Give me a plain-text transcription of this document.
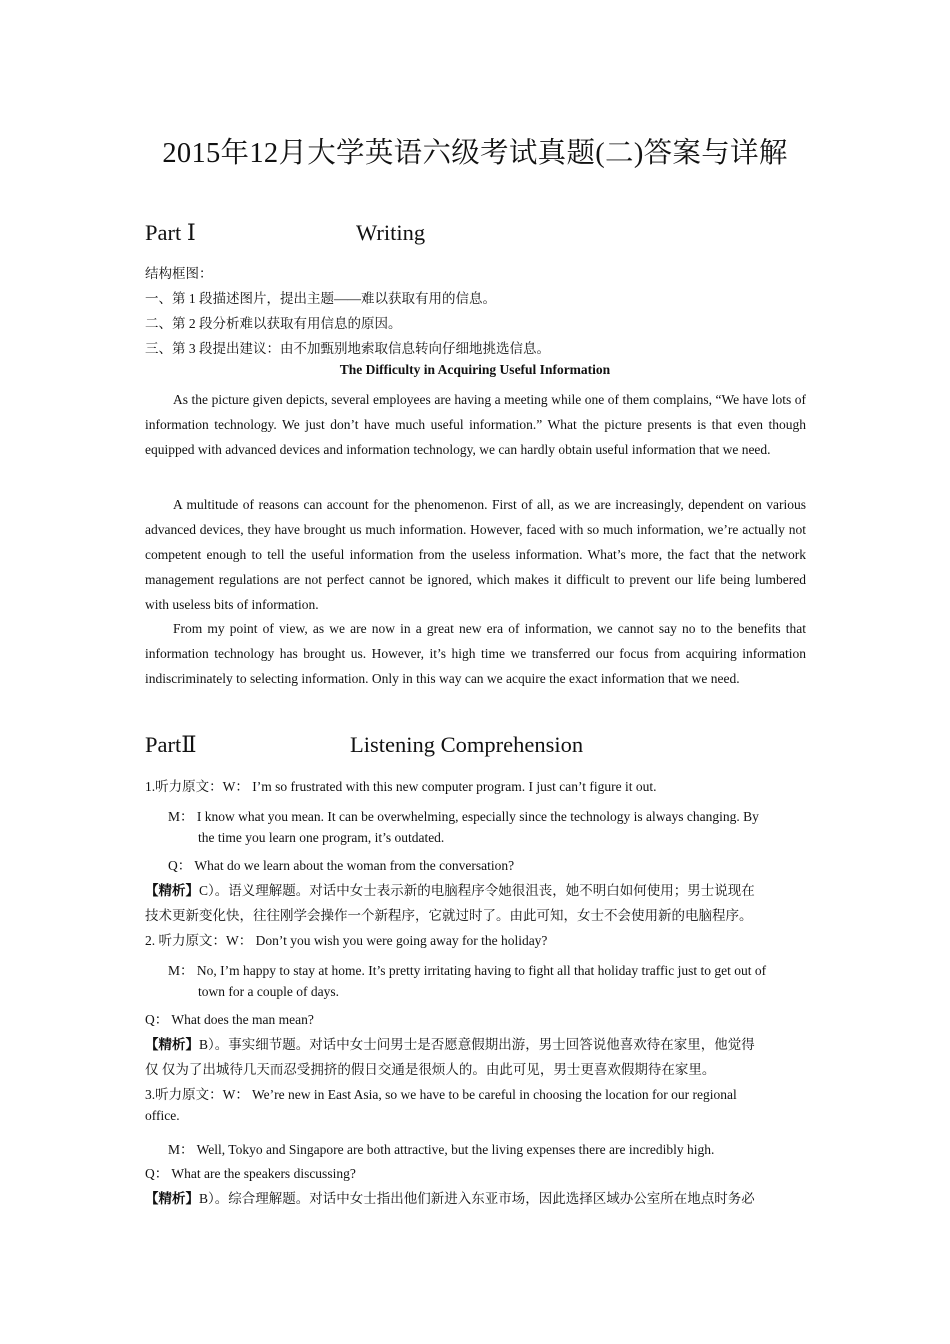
2015年12月大学英语六级考试真题(二)答案与详解
Part Ⅰ	Writing
结构框图：
一、第 1 段描述图片，提出主题——难以获取有用的信息。
二、第 2 段分析难以获取有用信息的原因。
三、第 3 段提出建议：由不加甄别地索取信息转向仔细地挑选信息。
The Difficulty in Acquiring Useful Information

As the picture given depicts, several employees are having a meeting while one of them complains, “We have lots of information technology. We just don’t have much useful information.” What the picture presents is that even though equipped with advanced devices and information technology, we can hardly obtain useful information that we need.

A multitude of reasons can account for the phenomenon. First of all, as we are increasingly, dependent on various advanced devices, they have brought us much information. However, faced with so much information, we’re actually not competent enough to tell the useful information from the useless information. What’s more, the fact that the network management regulations are not perfect cannot be ignored, which makes it difficult to prevent our life being lumbered with useless bits of information.

From my point of view, as we are now in a great new era of information, we cannot say no to the benefits that information technology has brought us. However, it’s high time we transferred our focus from acquiring information indiscriminately to selecting information. Only in this way can we acquire the exact information that we need.

PartⅡ	Listening Comprehension
1.听力原文：W： I’m so frustrated with this new computer program. I just can’t figure it out.
M： I know what you mean. It can be overwhelming, especially since the technology is always changing. By
the time you learn one program, it’s outdated.
Q： What do we learn about the woman from the conversation?
【精析】C）。语义理解题。对话中女士表示新的电脑程序令她很沮丧，她不明白如何使用；男士说现在
技术更新变化快，往往刚学会操作一个新程序，它就过时了。由此可知，女士不会使用新的电脑程序。
2. 听力原文：W： Don’t you wish you were going away for the holiday?
M： No, I’m happy to stay at home. It’s pretty irritating having to fight all that holiday traffic just to get out of
town for a couple of days.
Q： What does the man mean?
【精析】B）。事实细节题。对话中女士问男士是否愿意假期出游，男士回答说他喜欢待在家里，他觉得
仅 仅为了出城待几天而忍受拥挤的假日交通是很烦人的。由此可见，男士更喜欢假期待在家里。
3.听力原文：W： We’re new in East Asia, so we have to be careful in choosing the location for our regional
office.
M： Well, Tokyo and Singapore are both attractive, but the living expenses there are incredibly high.
Q： What are the speakers discussing?
【精析】B）。综合理解题。对话中女士指出他们新进入东亚市场，因此选择区域办公室所在地点时务必
